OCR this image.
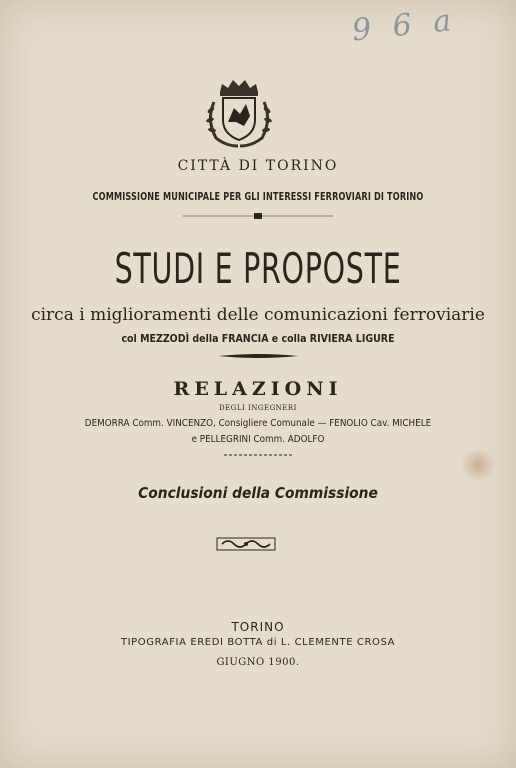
9 6 a
CITTÀ DI TORINO
COMMISSIONE MUNICIPALE PER GLI INTERESSI FERROVIARI DI TORINO
STUDI E PROPOSTE
circa i miglioramenti delle comunicazioni ferroviarie
col MEZZODÌ della FRANCIA e colla RIVIERA LIGURE
RELAZIONI
DEGLI INGEGNERI
DEMORRA Comm. VINCENZO, Consigliere Comunale — FENOLIO Cav. MICHELE
e PELLEGRINI Comm. ADOLFO
Conclusioni della Commissione
TORINO
TIPOGRAFIA EREDI BOTTA di L. CLEMENTE CROSA
GIUGNO 1900.
